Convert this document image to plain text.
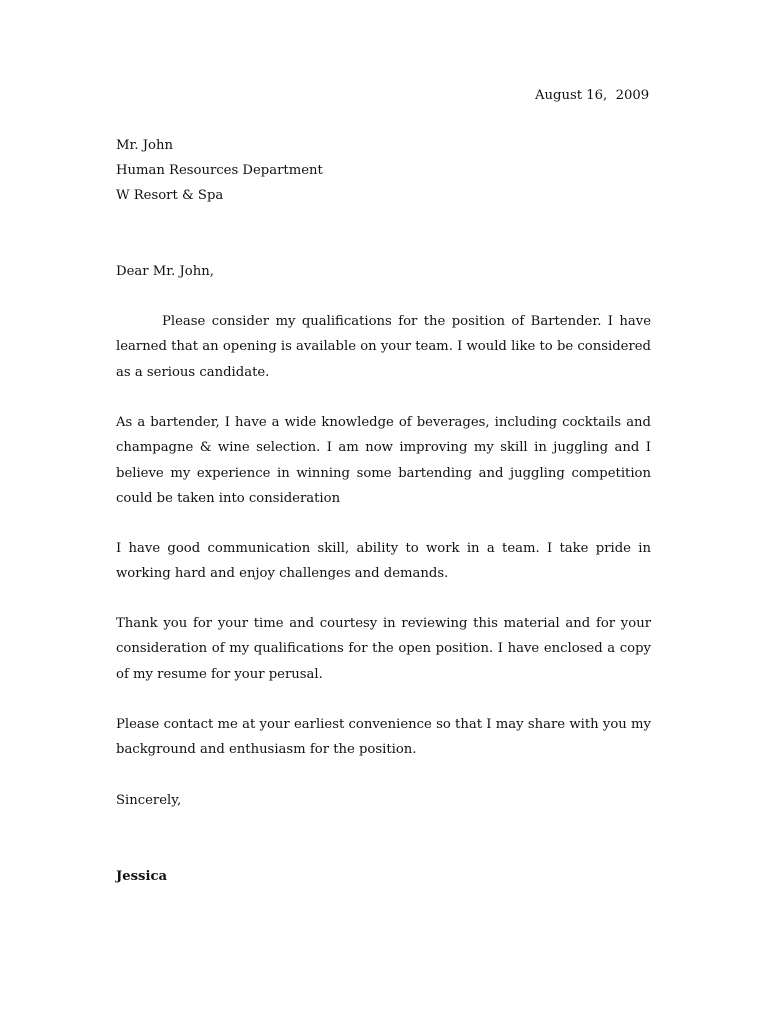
August 16,  2009
Mr. John
Human Resources Department
W Resort & Spa
Dear Mr. John,
Please consider my qualifications for the position of Bartender. I have learned that an opening is available on your team. I would like to be considered as a serious candidate.
As a bartender, I have a wide knowledge of beverages, including cocktails and champagne & wine selection. I am now improving my skill in juggling and I believe my experience in winning some bartending and juggling competition could be taken into consideration
I have good communication skill, ability to work in a team. I take pride in working hard and enjoy challenges and demands.
Thank you for your time and courtesy in reviewing this material and for your consideration of my qualifications for the open position. I have enclosed a copy of my resume for your perusal.
Please contact me at your earliest convenience so that I may share with you my background and enthusiasm for the position.
Sincerely,
Jessica
